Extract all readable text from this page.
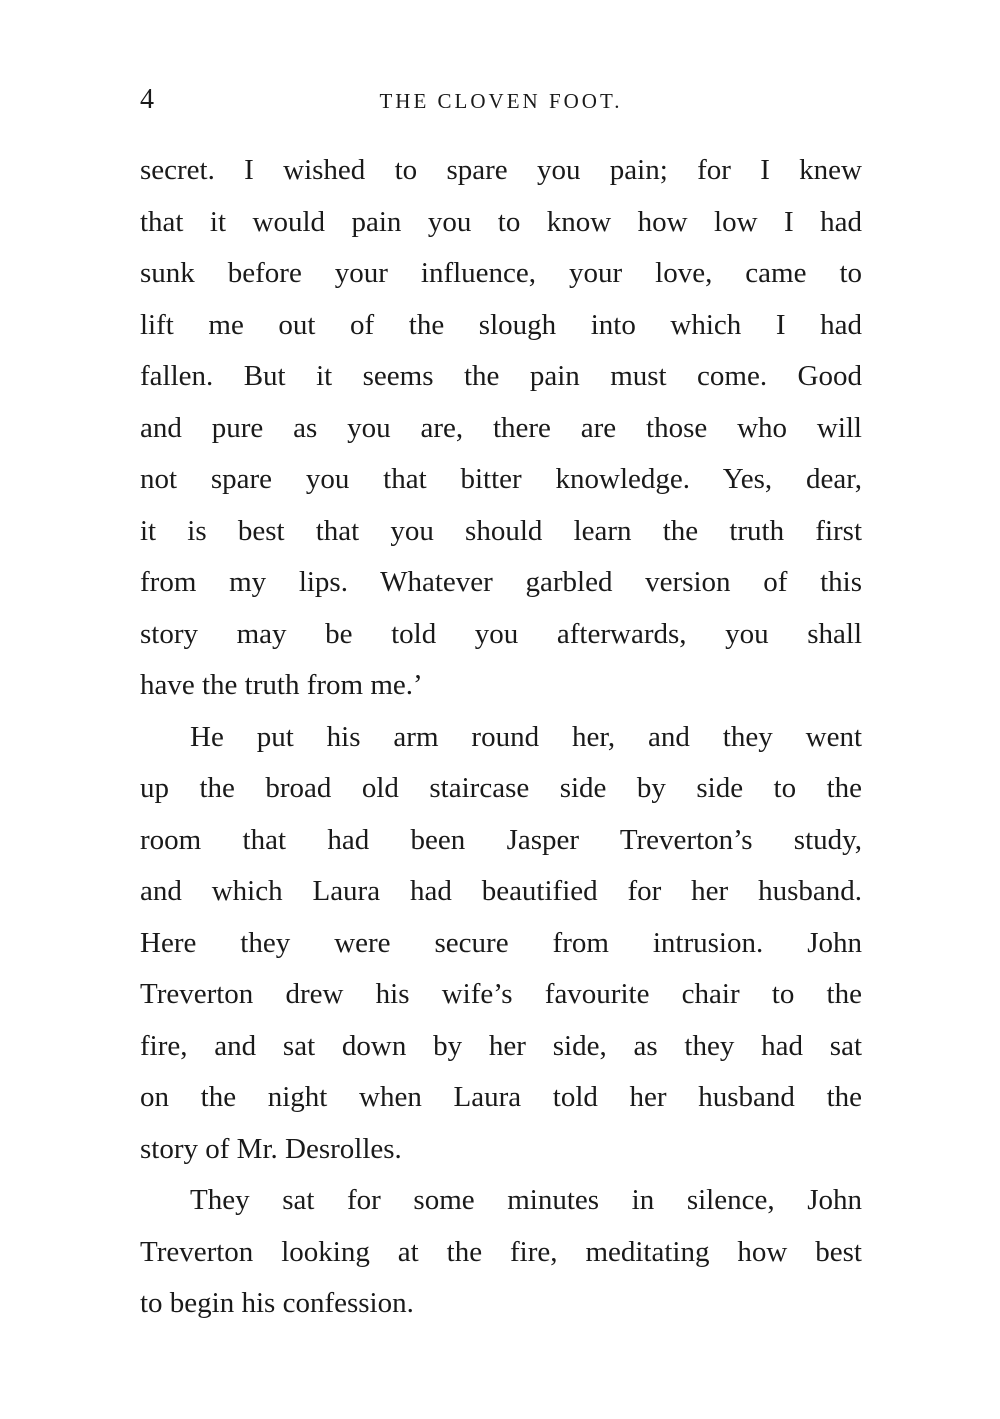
4	THE CLOVEN FOOT.
secret. I wished to spare you pain; for I knew
that it would pain you to know how low I had
sunk before your influence, your love, came to
lift me out of the slough into which I had
fallen. But it seems the pain must come. Good
and pure as you are, there are those who will
not spare you that bitter knowledge. Yes, dear,
it is best that you should learn the truth first
from my lips. Whatever garbled version of this
story may be told you afterwards, you shall
have the truth from me.’
He put his arm round her, and they went
up the broad old staircase side by side to the
room that had been Jasper Treverton’s study,
and which Laura had beautified for her husband.
Here they were secure from intrusion. John
Treverton drew his wife’s favourite chair to the
fire, and sat down by her side, as they had sat
on the night when Laura told her husband the
story of Mr. Desrolles.
They sat for some minutes in silence, John
Treverton looking at the fire, meditating how best
to begin his confession.
